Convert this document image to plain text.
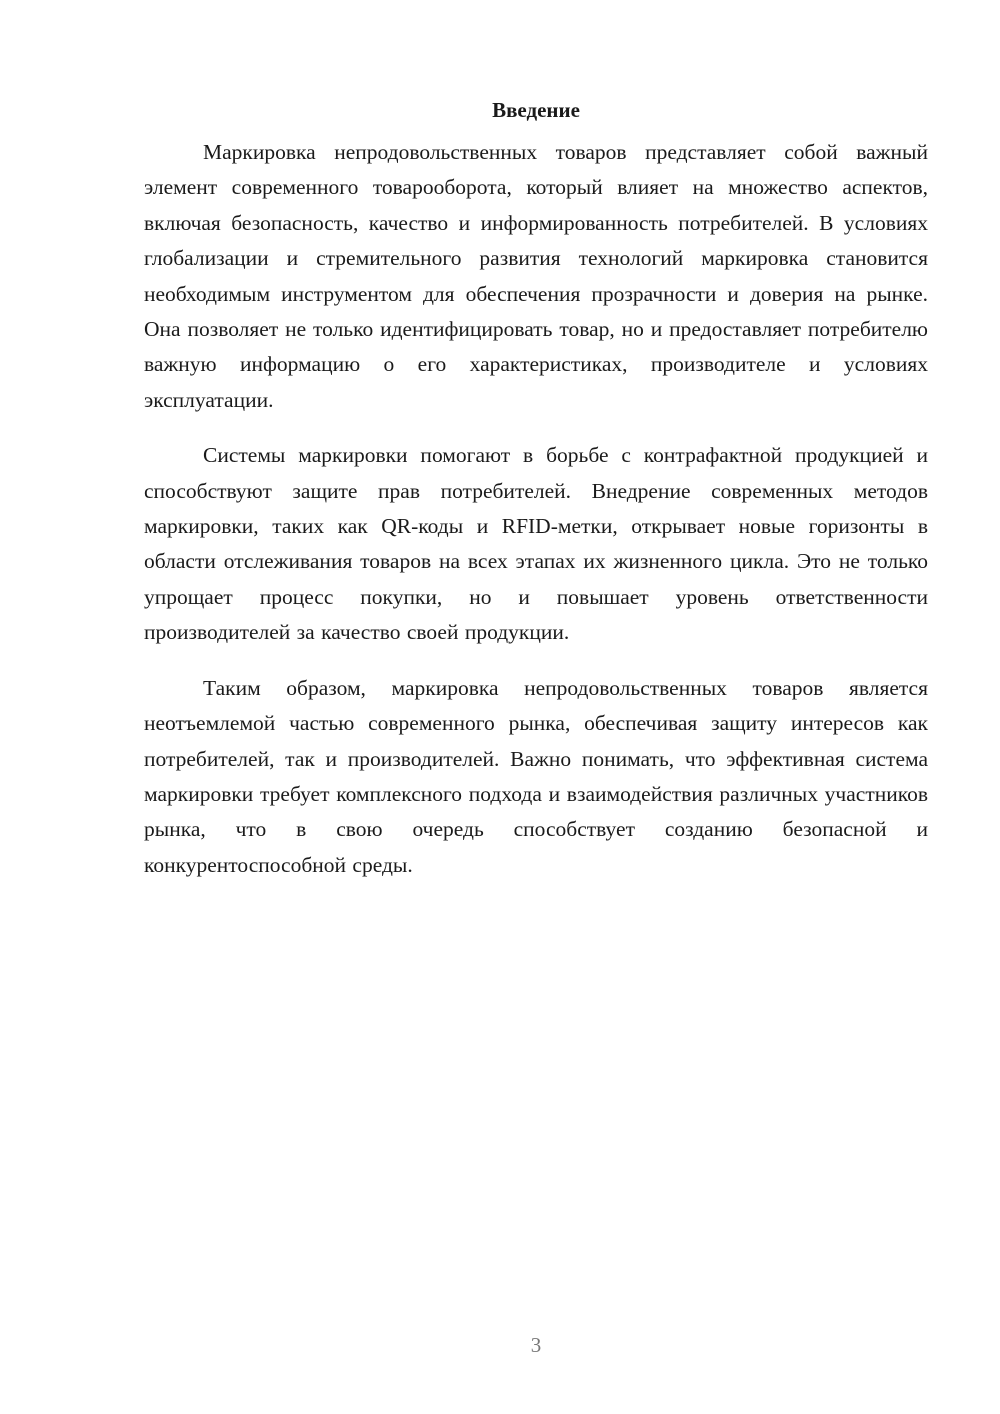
Введение

Маркировка непродовольственных товаров представляет собой важный элемент современного товарооборота, который влияет на множество аспектов, включая безопасность, качество и информированность потребителей. В условиях глобализации и стремительного развития технологий маркировка становится необходимым инструментом для обеспечения прозрачности и доверия на рынке. Она позволяет не только идентифицировать товар, но и предоставляет потребителю важную информацию о его характеристиках, производителе и условиях эксплуатации.

Системы маркировки помогают в борьбе с контрафактной продукцией и способствуют защите прав потребителей. Внедрение современных методов маркировки, таких как QR-коды и RFID-метки, открывает новые горизонты в области отслеживания товаров на всех этапах их жизненного цикла. Это не только упрощает процесс покупки, но и повышает уровень ответственности производителей за качество своей продукции.

Таким образом, маркировка непродовольственных товаров является неотъемлемой частью современного рынка, обеспечивая защиту интересов как потребителей, так и производителей. Важно понимать, что эффективная система маркировки требует комплексного подхода и взаимодействия различных участников рынка, что в свою очередь способствует созданию безопасной и конкурентоспособной среды.

3
